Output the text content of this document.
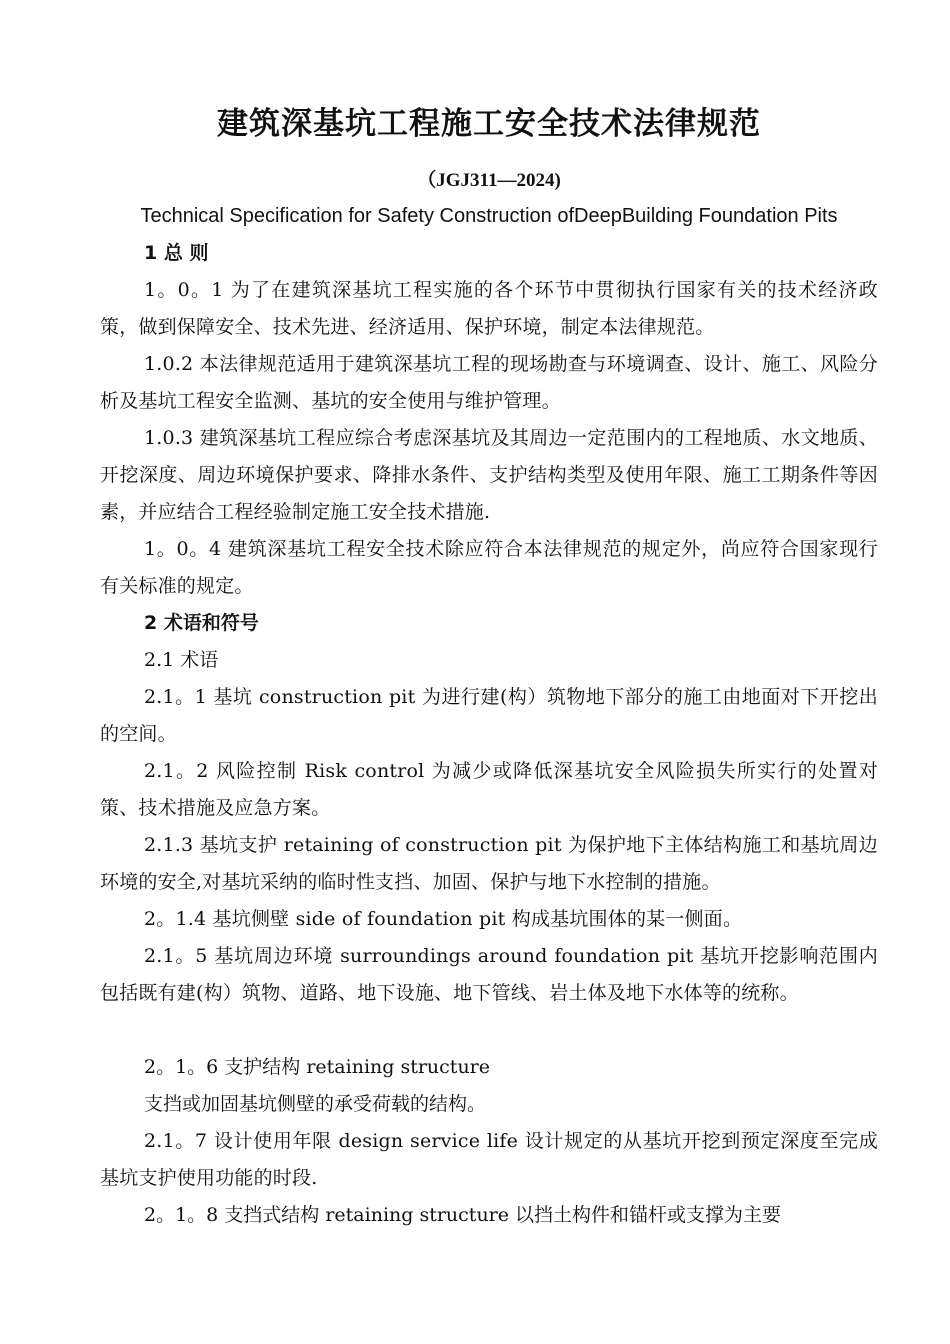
建筑深基坑工程施工安全技术法律规范
（JGJ311—2024)
Technical Specification for Safety Construction ofDeepBuilding Foundation Pits
1 总 则

1。0。1 为了在建筑深基坑工程实施的各个环节中贯彻执行国家有关的技术经济政策，做到保障安全、技术先进、经济适用、保护环境，制定本法律规范。

1.0.2 本法律规范适用于建筑深基坑工程的现场勘查与环境调查、设计、施工、风险分析及基坑工程安全监测、基坑的安全使用与维护管理。

1.0.3 建筑深基坑工程应综合考虑深基坑及其周边一定范围内的工程地质、水文地质、开挖深度、周边环境保护要求、降排水条件、支护结构类型及使用年限、施工工期条件等因素，并应结合工程经验制定施工安全技术措施.

1。0。4 建筑深基坑工程安全技术除应符合本法律规范的规定外，尚应符合国家现行有关标准的规定。

2 术语和符号
2.1 术语

2.1。1 基坑 construction pit 为进行建(构）筑物地下部分的施工由地面对下开挖出的空间。

2.1。2 风险控制 Risk control 为减少或降低深基坑安全风险损失所实行的处置对策、技术措施及应急方案。

2.1.3 基坑支护 retaining of construction pit 为保护地下主体结构施工和基坑周边环境的安全,对基坑采纳的临时性支挡、加固、保护与地下水控制的措施。

2。1.4 基坑侧壁 side of foundation pit 构成基坑围体的某一侧面。

2.1。5 基坑周边环境 surroundings around foundation pit 基坑开挖影响范围内包括既有建(构）筑物、道路、地下设施、地下管线、岩土体及地下水体等的统称。

2。1。6 支护结构 retaining structure
支挡或加固基坑侧壁的承受荷载的结构。

2.1。7 设计使用年限 design service life 设计规定的从基坑开挖到预定深度至完成基坑支护使用功能的时段.

2。1。8 支挡式结构 retaining structure 以挡土构件和锚杆或支撑为主要
